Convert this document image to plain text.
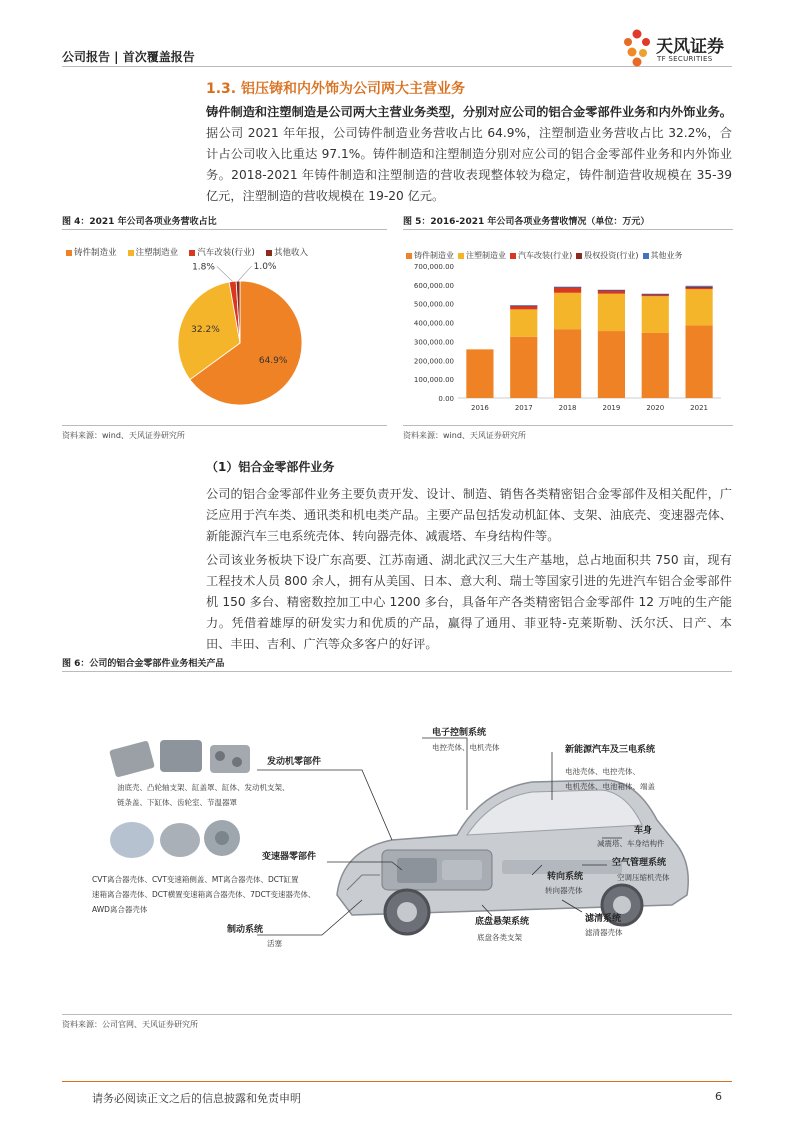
公司报告 | 首次覆盖报告	天风证券
TF SECURITIES
1.3. 铝压铸和内外饰为公司两大主营业务
铸件制造和注塑制造是公司两大主营业务类型，分别对应公司的铝合金零部件业务和内外饰业务。据公司 2021 年年报，公司铸件制造业务营收占比 64.9%，注塑制造业务营收占比 32.2%，合计占公司收入比重达 97.1%。铸件制造和注塑制造分别对应公司的铝合金零部件业务和内外饰业务。2018-2021 年铸件制造和注塑制造的营收表现整体较为稳定，铸件制造营收规模在 35-39 亿元，注塑制造的营收规模在 19-20 亿元。
图 4：2021 年公司各项业务营收占比
铸件制造业 注塑制造业 汽车改装(行业) 其他收入
64.9%
32.2%
1.8%	1.0%
资料来源：wind、天风证券研究所
图 5：2016-2021 年公司各项业务营收情况（单位：万元）
铸件制造业 注塑制造业 汽车改装(行业) 股权投资(行业) 其他业务
0.00
100,000.00
200,000.00
300,000.00
400,000.00
500,000.00
600,000.00
700,000.00
2016	2017	2018	2019	2020	2021
资料来源：wind、天风证券研究所
（1）铝合金零部件业务
公司的铝合金零部件业务主要负责开发、设计、制造、销售各类精密铝合金零部件及相关配件，广泛应用于汽车类、通讯类和机电类产品。主要产品包括发动机缸体、支架、油底壳、变速器壳体、新能源汽车三电系统壳体、转向器壳体、减震塔、车身结构件等。
公司该业务板块下设广东高要、江苏南通、湖北武汉三大生产基地，总占地面积共 750 亩，现有工程技术人员 800 余人，拥有从美国、日本、意大利、瑞士等国家引进的先进汽车铝合金零部件机 150 多台、精密数控加工中心 1200 多台，具备年产各类精密铝合金零部件 12 万吨的生产能力。凭借着雄厚的研发实力和优质的产品，赢得了通用、菲亚特-克莱斯勒、沃尔沃、日产、本田、丰田、吉利、广汽等众多客户的好评。
图 6：公司的铝合金零部件业务相关产品
发动机零部件
油底壳、凸轮轴支架、缸盖罩、缸体、发动机支架、
链条盖、下缸体、齿轮室、节温器罩
变速器零部件
CVT离合器壳体、CVT变速箱侧盖、MT离合器壳体、DCT缸置
速箱离合器壳体、DCT横置变速箱离合器壳体、7DCT变速器壳体、
AWD离合器壳体
制动系统
活塞
电子控制系统
电控壳体、电机壳体	新能源汽车及三电系统
电池壳体、电控壳体、
电机壳体、电池箱体、端盖
车身
减震塔、车身结构件
空气管理系统
空调压缩机壳体
转向系统
转向器壳体
滤清系统
滤清器壳体
底盘悬架系统
底盘各类支架
资料来源：公司官网、天风证券研究所
请务必阅读正文之后的信息披露和免责申明	6
